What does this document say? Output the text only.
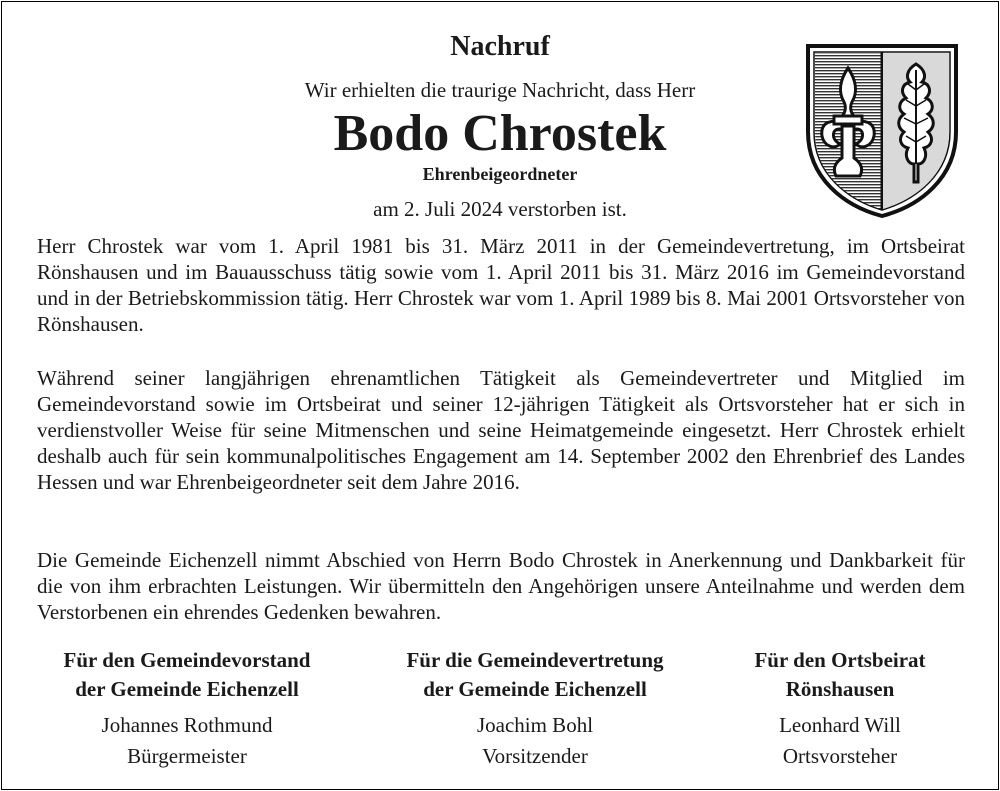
Nachruf
Wir erhielten die traurige Nachricht, dass Herr
Bodo Chrostek
Ehrenbeigeordneter
am 2. Juli 2024 verstorben ist.

Herr Chrostek war vom 1. April 1981 bis 31. März 2011 in der Gemeindevertretung, im Ortsbeirat Rönshausen und im Bauausschuss tätig sowie vom 1. April 2011 bis 31. März 2016 im Gemeindevorstand und in der Betriebskommission tätig. Herr Chrostek war vom 1. April 1989 bis 8. Mai 2001 Ortsvorsteher von Rönshausen.

Während seiner langjährigen ehrenamtlichen Tätigkeit als Gemeindevertreter und Mitglied im Gemeindevorstand sowie im Ortsbeirat und seiner 12-jährigen Tätigkeit als Ortsvorsteher hat er sich in verdienstvoller Weise für seine Mitmenschen und seine Heimatgemeinde eingesetzt. Herr Chrostek erhielt deshalb auch für sein kommunalpolitisches Engagement am 14. September 2002 den Ehrenbrief des Landes Hessen und war Ehrenbeigeordneter seit dem Jahre 2016.

Die Gemeinde Eichenzell nimmt Abschied von Herrn Bodo Chrostek in Anerkennung und Dankbarkeit für die von ihm erbrachten Leistungen. Wir übermitteln den Angehörigen unsere Anteilnahme und werden dem Verstorbenen ein ehrendes Gedenken bewahren.

Für den Gemeindevorstand
der Gemeinde Eichenzell
Johannes Rothmund
Bürgermeister
Für die Gemeindevertretung
der Gemeinde Eichenzell
Joachim Bohl
Vorsitzender
Für den Ortsbeirat
Rönshausen
Leonhard Will
Ortsvorsteher
